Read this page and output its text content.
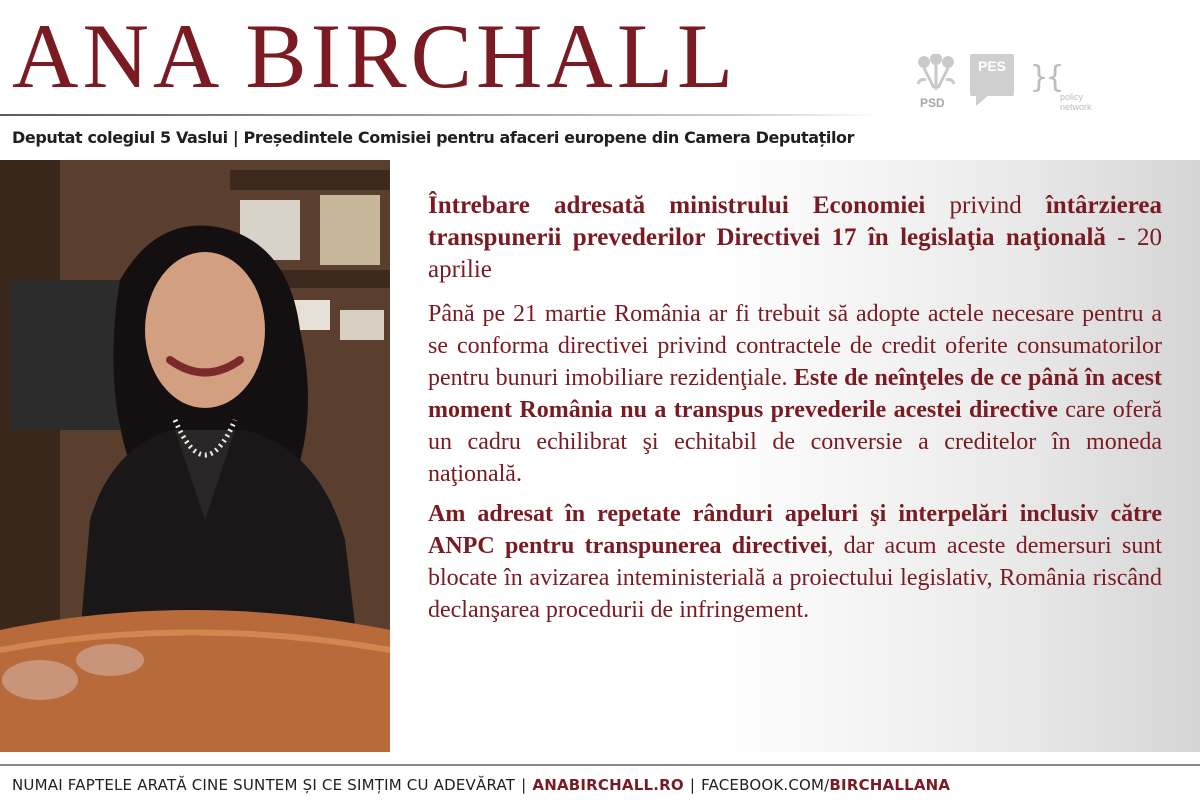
ANA BIRCHALL	PSD
PES }{
policy network
Deputat colegiul 5 Vaslui | Președintele Comisiei pentru afaceri europene din Camera Deputaților

Întrebare adresată ministrului Economiei privind întârzierea transpunerii prevederilor Directivei 17 în legislaţia naţională - 20 aprilie

Până pe 21 martie România ar fi trebuit să adopte actele necesare pentru a se conforma directivei privind contractele de credit oferite consumatorilor pentru bunuri imobiliare rezidenţiale. Este de neînţeles de ce până în acest moment România nu a transpus prevederile acestei directive care oferă un cadru echilibrat şi echitabil de conversie a creditelor în moneda naţională.

Am adresat în repetate rânduri apeluri şi interpelări inclusiv către ANPC pentru transpunerea directivei, dar acum aceste demersuri sunt blocate în avizarea inteministerială a proiectului legislativ, România riscând declanşarea procedurii de infringement.

NUMAI FAPTELE ARATĂ CINE SUNTEM ȘI CE SIMȚIM CU ADEVĂRAT | ANABIRCHALL.RO | FACEBOOK.COM/BIRCHALLANA
